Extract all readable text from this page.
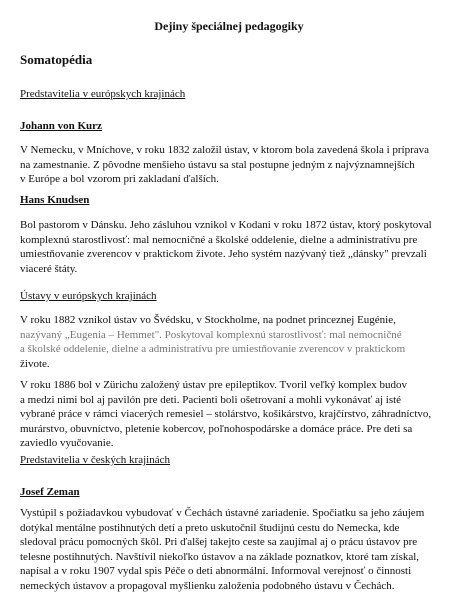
Dejiny špeciálnej pedagogiky
Somatopédia
Predstavitelia v európskych krajinách
Johann von Kurz
V Nemecku, v Mníchove, v roku 1832 založil ústav, v ktorom bola zavedená škola i príprava
na zamestnanie. Z pôvodne menšieho ústavu sa stal postupne jedným z najvýznamnejších
v Európe a bol vzorom pri zakladaní ďalších.
Hans Knudsen
Bol pastorom v Dánsku. Jeho zásluhou vznikol v Kodani v roku 1872 ústav, ktorý poskytoval
komplexnú starostlivosť: mal nemocničné a školské oddelenie, dielne a administratívu pre
umiestňovanie zverencov v praktickom živote. Jeho systém nazývaný tiež „dánsky" prevzali
viaceré štáty.
Ústavy v európskych krajinách
V roku 1882 vznikol ústav vo Švédsku, v Stockholme, na podnet princeznej Eugénie,
nazývaný „Eugenia – Hemmet". Poskytoval komplexnú starostlivosť: mal nemocničné
a školské oddelenie, dielne a administratívu pre umiestňovanie zverencov v praktickom
živote.
V roku 1886 bol v Zürichu založený ústav pre epileptikov. Tvoril veľký komplex budov
a medzi nimi bol aj pavilón pre deti. Pacienti boli ošetrovaní a mohli vykonávať aj isté
vybrané práce v rámci viacerých remesiel – stolárstvo, košikárstvo, krajčírstvo, záhradníctvo,
murárstvo, obuvníctvo, pletenie kobercov, poľnohospodárske a domáce práce. Pre deti sa
zaviedlo vyučovanie.
Predstavitelia v českých krajinách
Josef Zeman
Vystúpil s požiadavkou vybudovať v Čechách ústavné zariadenie. Spočiatku sa jeho záujem
dotýkal mentálne postihnutých detí a preto uskutočnil študijnú cestu do Nemecka, kde
sledoval prácu pomocných škôl. Pri ďalšej takejto ceste sa zaujímal aj o prácu ústavov pre
telesne postihnutých. Navštívil niekoľko ústavov a na základe poznatkov, ktoré tam získal,
napísal a v roku 1907 vydal spis Péče o deti abnormální. Informoval verejnosť o činnosti
nemeckých ústavov a propagoval myšlienku založenia podobného ústavu v Čechách.
